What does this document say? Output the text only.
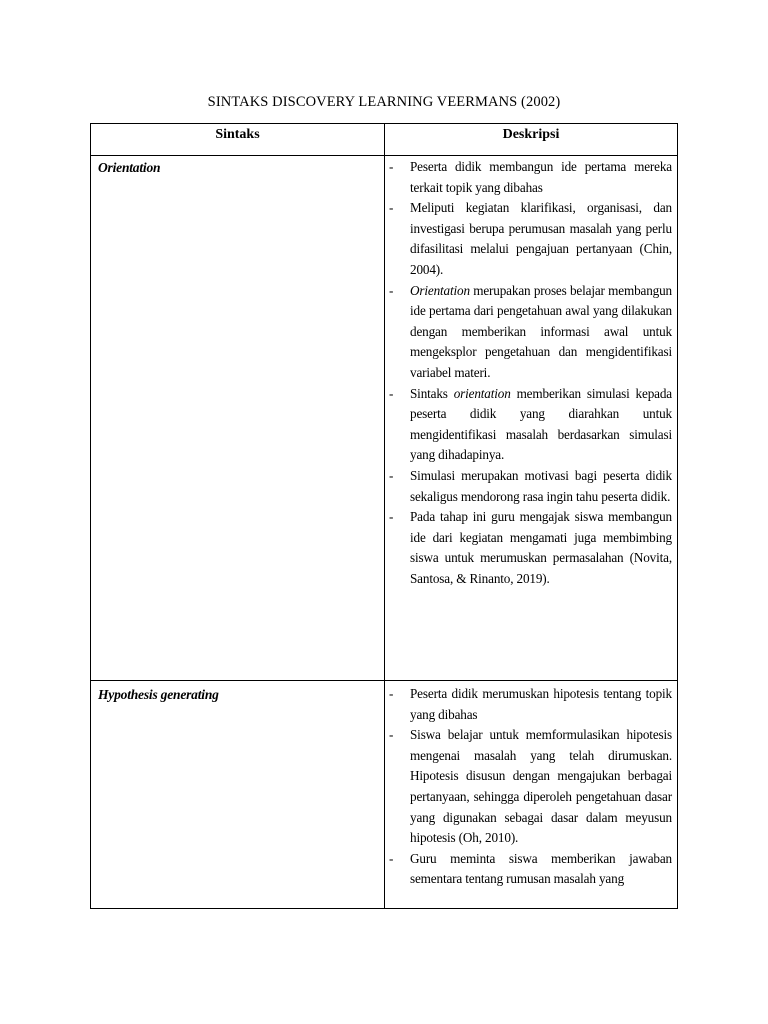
SINTAKS DISCOVERY LEARNING VEERMANS (2002)
Sintaks	Deskripsi
Orientation	- Peserta didik membangun ide pertama mereka terkait topik yang dibahas
- Meliputi kegiatan klarifikasi, organisasi, dan investigasi berupa perumusan masalah yang perlu difasilitasi melalui pengajuan pertanyaan (Chin, 2004).
- Orientation merupakan proses belajar membangun ide pertama dari pengetahuan awal yang dilakukan dengan memberikan informasi awal untuk mengeksplor pengetahuan dan mengidentifikasi variabel materi.
- Sintaks orientation memberikan simulasi kepada peserta didik yang diarahkan untuk mengidentifikasi masalah berdasarkan simulasi yang dihadapinya.
- Simulasi merupakan motivasi bagi peserta didik sekaligus mendorong rasa ingin tahu peserta didik.
- Pada tahap ini guru mengajak siswa membangun ide dari kegiatan mengamati juga membimbing siswa untuk merumuskan permasalahan (Novita, Santosa, & Rinanto, 2019).
Hypothesis generating	- Peserta didik merumuskan hipotesis tentang topik yang dibahas
- Siswa belajar untuk memformulasikan hipotesis mengenai masalah yang telah dirumuskan. Hipotesis disusun dengan mengajukan berbagai pertanyaan, sehingga diperoleh pengetahuan dasar yang digunakan sebagai dasar dalam meyusun hipotesis (Oh, 2010).
- Guru meminta siswa memberikan jawaban sementara tentang rumusan masalah yang
